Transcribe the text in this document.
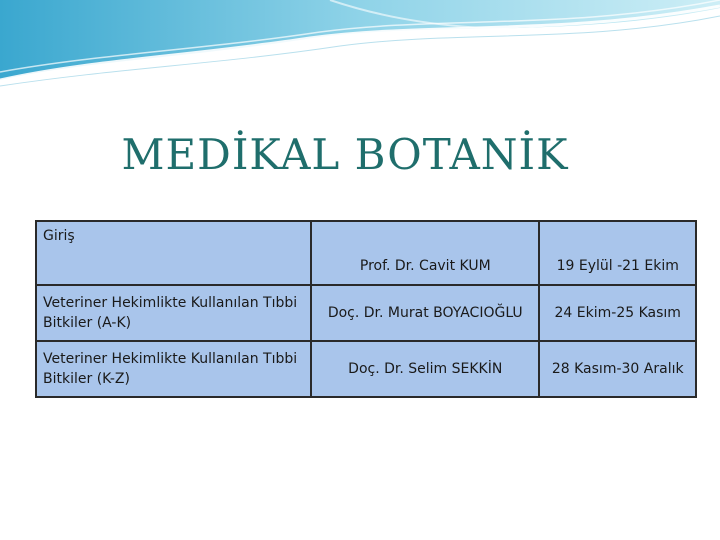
MEDİKAL BOTANİK
Giriş	Prof. Dr. Cavit KUM	19 Eylül -21 Ekim
Veteriner Hekimlikte Kullanılan Tıbbi Bitkiler (A-K)	Doç. Dr. Murat BOYACIOĞLU	24 Ekim-25 Kasım
Veteriner Hekimlikte Kullanılan Tıbbi Bitkiler (K-Z)	Doç. Dr. Selim SEKKİN	28 Kasım-30 Aralık
